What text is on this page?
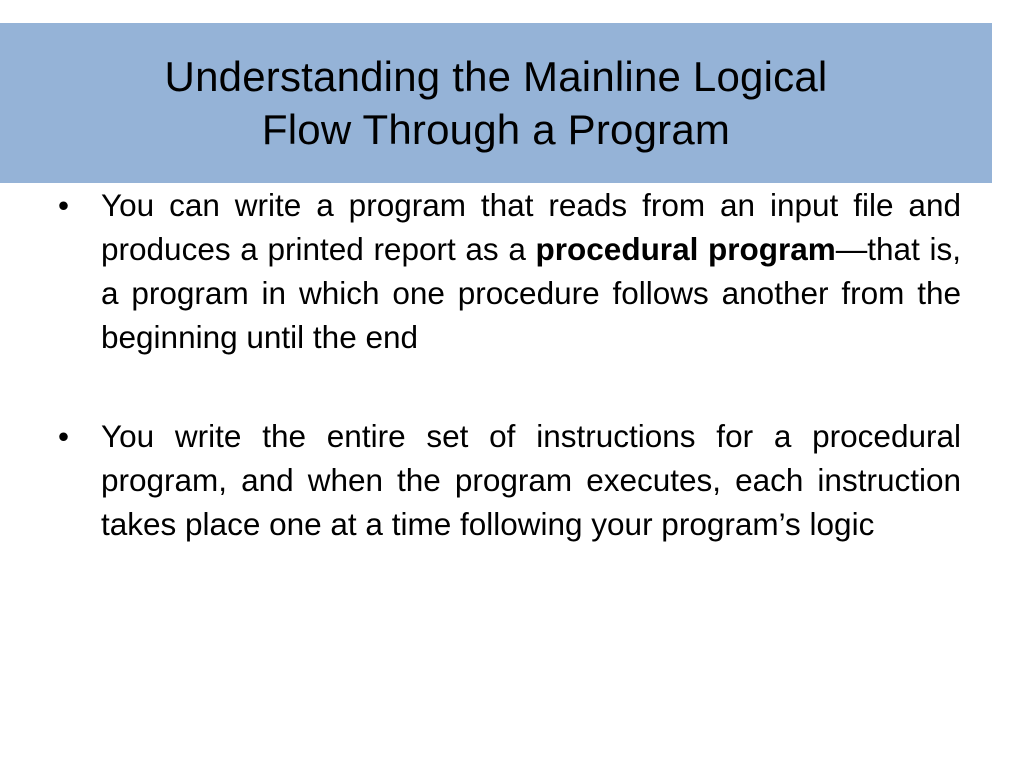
Understanding the Mainline Logical
Flow Through a Program
•	You can write a program that reads from an input file and produces a printed report as a procedural program—that is, a program in which one procedure follows another from the beginning until the end
•	You write the entire set of instructions for a procedural program, and when the program executes, each instruction takes place one at a time following your program’s logic
